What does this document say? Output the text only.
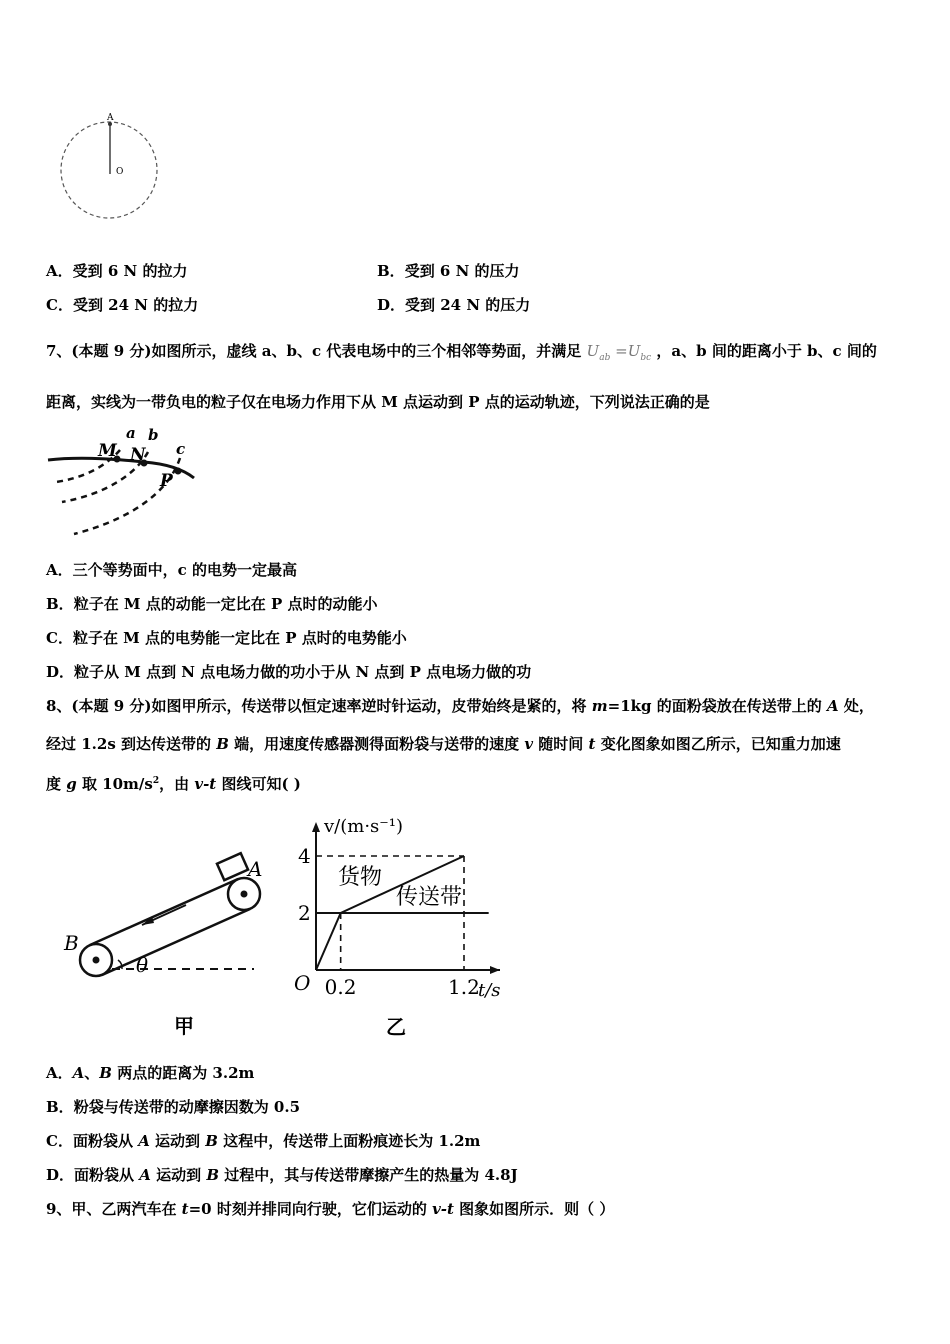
A
O
A．受到 6 N 的拉力	B．受到 6 N 的压力
C．受到 24 N 的拉力	D．受到 24 N 的压力
7、(本题 9 分)如图所示，虚线 a、b、c 代表电场中的三个相邻等势面，并满足 $U_{ab} =U_{bc}$ ，a、b 间的距离小于 b、c 间的
距离，实线为一带负电的粒子仅在电场力作用下从 M 点运动到 P 点的运动轨迹，下列说法正确的是
M N
P
a b
c
A．三个等势面中，c 的电势一定最高
B．粒子在 M 点的动能一定比在 P 点时的动能小
C．粒子在 M 点的电势能一定比在 P 点时的电势能小
D．粒子从 M 点到 N 点电场力做的功小于从 N 点到 P 点电场力做的功
8、(本题 9 分)如图甲所示，传送带以恒定速率逆时针运动，皮带始终是紧的，将 m=1kg 的面粉袋放在传送带上的 A 处，
经过 1.2s 到达传送带的 B 端，用速度传感器测得面粉袋与送带的速度 v 随时间 t 变化图象如图乙所示，已知重力加速
度 g 取 $10m/s^2$，由 v-t 图线可知( )
A
B
θ
甲
2
4
0.2	1.2
O
v/(m·s⁻¹)
t/s
货物
传送带
乙
A．A、B 两点的距离为 3.2m
B．粉袋与传送带的动摩擦因数为 0.5
C．面粉袋从 A 运动到 B 这程中，传送带上面粉痕迹长为 1.2m
D．面粉袋从 A 运动到 B 过程中，其与传送带摩擦产生的热量为 4.8J
9、甲、乙两汽车在 t=0 时刻并排同向行驶，它们运动的 v-t 图象如图所示．则（ ）
